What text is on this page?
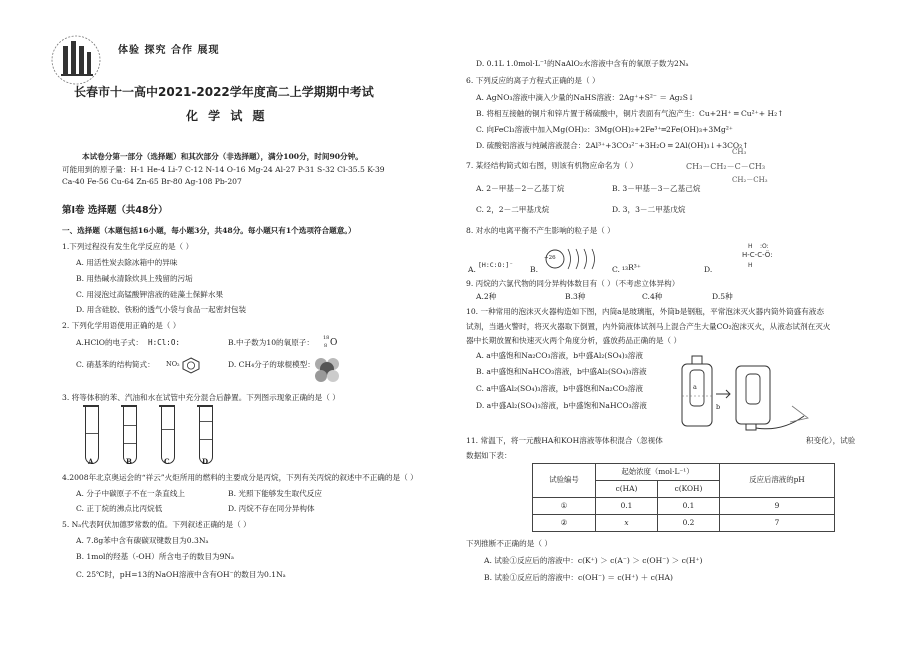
体验 探究 合作 展现
长春市十一高中2021-2022学年度高二上学期期中考试
化 学 试 题
本试卷分第一部分（选择题）和其次部分（非选择题），满分100分，时间90分钟。
可能用到的原子量：H-1 He-4 Li-7 C-12 N-14 O-16 Mg-24 Al-27 P-31 S-32 Cl-35.5 K-39
Ca-40 Fe-56 Cu-64 Zn-65 Br-80 Ag-108 Pb-207
第Ⅰ卷 选择题（共48分）
一、选择题（本题包括16小题，每小题3分，共48分。每小题只有1个选项符合题意。）
1.下列过程没有发生化学反应的是（ ）
A. 用活性炭去除冰箱中的异味
B. 用热碱水清除炊具上残留的污垢
C. 用浸泡过高锰酸钾溶液的硅藻土保鲜水果
D. 用含硅胶、铁粉的透气小袋与食品一起密封包装
2. 下列化学用语使用正确的是（ ）
A.HClO的电子式： H:Cl:O:	B.中子数为10的氧原子： 18
8 O
C. 硝基苯的结构简式： NO₂	D. CH₄分子的球棍模型：
3. 将等体积的苯、汽油和水在试管中充分混合后静置。下列图示现象正确的是（ ）
A	B	C	D
4.2008年北京奥运会的“祥云”火炬所用的燃料的主要成分是丙烷，下列有关丙烷的叙述中不正确的是（ ）
A. 分子中碳原子不在一条直线上	B. 光照下能够发生取代反应
C. 正丁烷的沸点比丙烷低	D. 丙烷不存在同分异构体
5. Nₐ代表阿伏加德罗常数的值。下列叙述正确的是（ ）
A. 7.8g苯中含有碳碳双键数目为0.3Nₐ
B. 1mol的羟基（-OH）所含电子的数目为9Nₐ
C. 25℃时，pH=13的NaOH溶液中含有OH⁻的数目为0.1Nₐ
D. 0.1L 1.0mol·L⁻¹的NaAlO₂水溶液中含有的氧原子数为2Nₐ
6. 下列反应的离子方程式正确的是（ ）
A. AgNO₃溶液中滴入少量的NaHS溶液：2Ag⁺+S²⁻ ＝ Ag₂S↓
B. 将相互接触的铜片和锌片置于稀硫酸中，铜片表面有气泡产生：Cu+2H⁺ ═ Cu²⁺+ H₂↑
C. 向FeCl₃溶液中加入Mg(OH)₂：3Mg(OH)₂+2Fe³⁺═2Fe(OH)₃+3Mg²⁺
D. 硫酸铝溶液与纯碱溶液混合：2Al³⁺+3CO₃²⁻+3H₂O ═ 2Al(OH)₃↓+3CO₂↑
7. 某烃结构简式如右图，则该有机物应命名为（ ）
CH₃
CH₃－CH₂－C－CH₃
CH₂－CH₃
A. 2－甲基－2－乙基丁烷	B. 3－甲基－3－乙基己烷
C. 2，2－二甲基戊烷	D. 3，3－二甲基戊烷
8. 对水的电离平衡不产生影响的粒子是（ ）
A. [H:C:O:]⁻ B.
+26
C. ₁₃R³⁺	D.
H-C-C-Ö:
H
H
:O:
9. 丙烷的六氯代物的同分异构体数目有（ ）（不考虑立体异构）
A.2种	B.3种	C.4种	D.5种
10. 一种常用的泡沫灭火器构造如下图，内筒a是玻璃瓶，外筒b是钢瓶，平常泡沫灭火器内筒外筒盛有液态
试剂，当遇火警时，将灭火器取下倒置，内外筒液体试剂马上混合产生大量CO₂泡沫灭火，从液态试剂在灭火
器中长期放置和快速灭火两个角度分析，盛放药品正确的是（ ）
A. a中盛饱和Na₂CO₃溶液，b中盛Al₂(SO₄)₃溶液
B. a中盛饱和NaHCO₃溶液，b中盛Al₂(SO₄)₃溶液
C. a中盛Al₂(SO₄)₃溶液，b中盛饱和Na₂CO₃溶液
D. a中盛Al₂(SO₄)₃溶液，b中盛饱和NaHCO₃溶液
a
b
11. 常温下，将一元酸HA和KOH溶液等体积混合（忽视体	积变化），试验
数据如下表：
试验编号	起始浓度（mol·L⁻¹）		反应后溶液的pH
	c(HA)	c(KOH)	
①	0.1	0.1	9
②	x	0.2	7
下列推断不正确的是（ ）
A. 试验①反应后的溶液中：c(K⁺) ＞ c(A⁻) ＞ c(OH⁻) ＞ c(H⁺)
B. 试验①反应后的溶液中：c(OH⁻) ＝ c(H⁺) ＋ c(HA)
